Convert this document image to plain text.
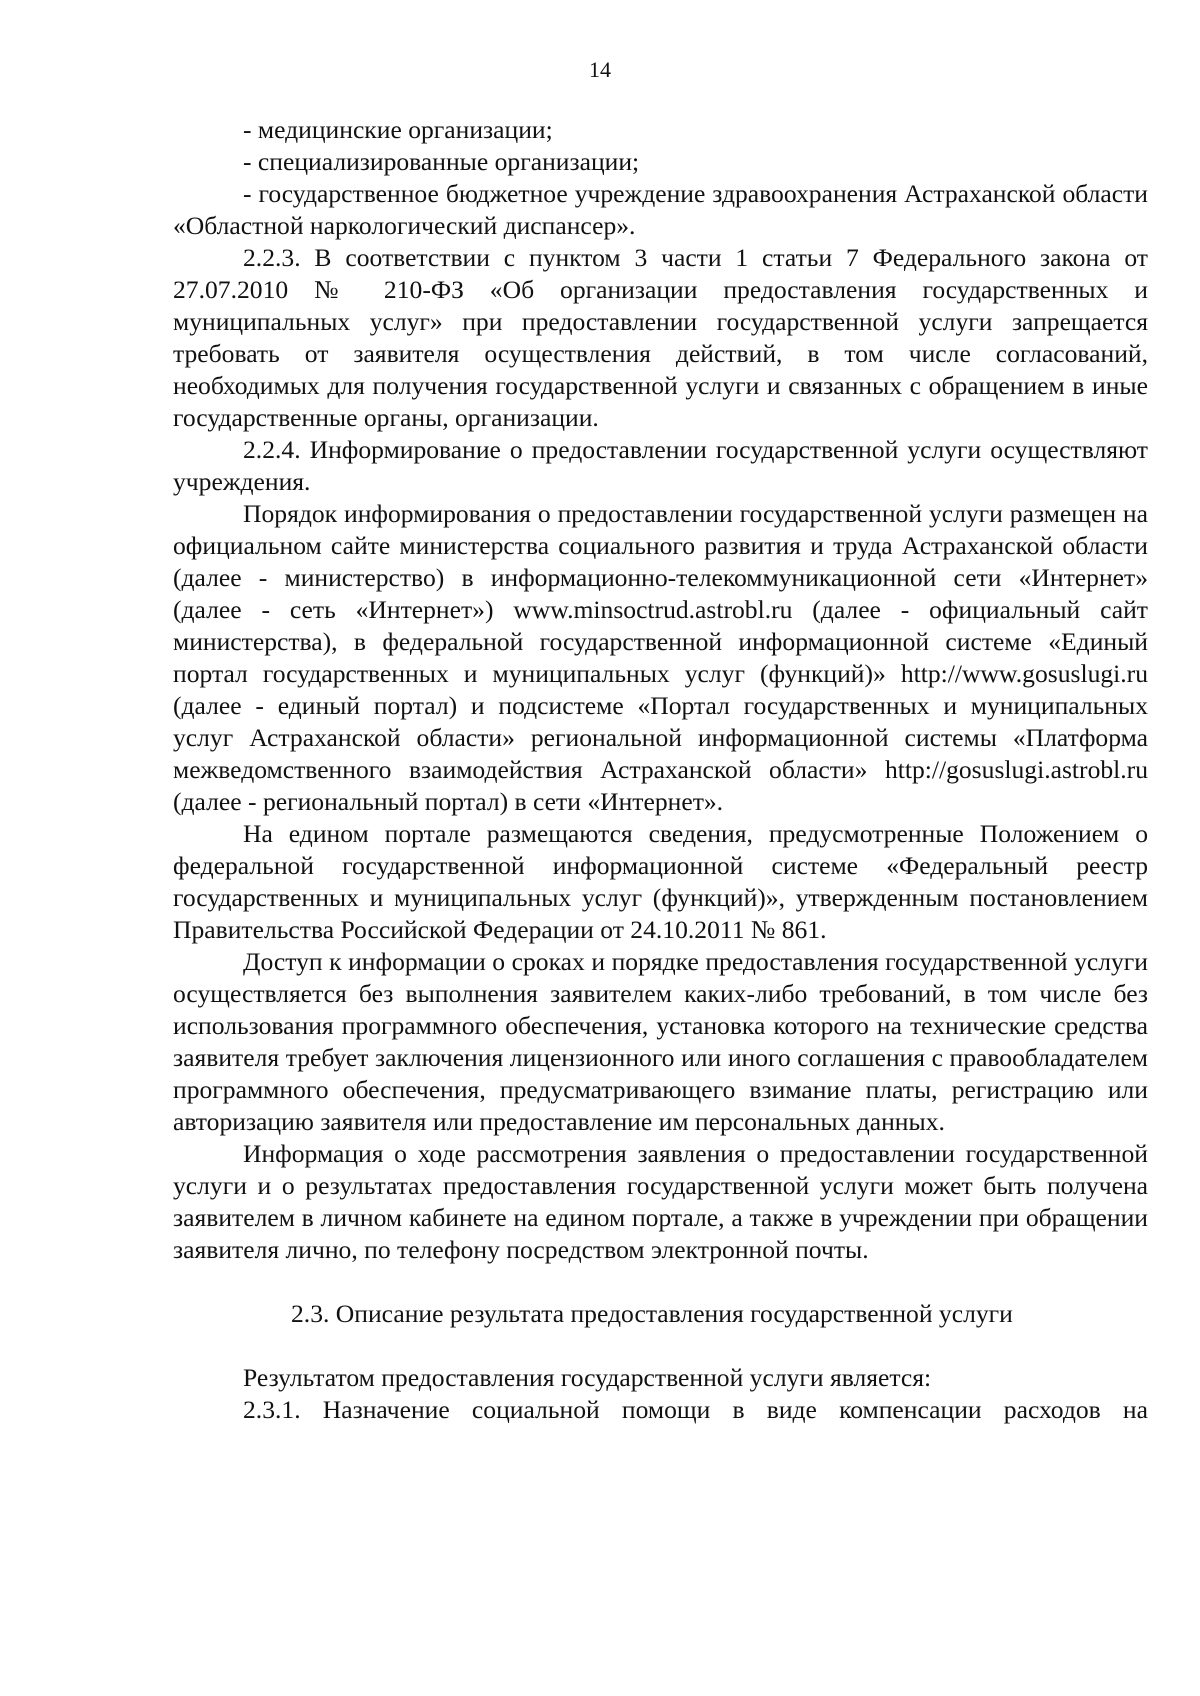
14

- медицинские организации;

- специализированные организации;

- государственное бюджетное учреждение здравоохранения Астраханской области «Областной наркологический диспансер».

2.2.3. В соответствии с пунктом 3 части 1 статьи 7 Федерального закона от 27.07.2010 № 210-ФЗ «Об организации предоставления государственных и муниципальных услуг» при предоставлении государственной услуги запрещается требовать от заявителя осуществления действий, в том числе согласований, необходимых для получения государственной услуги и связанных с обращением в иные государственные органы, организации.

2.2.4. Информирование о предоставлении государственной услуги осуществляют учреждения.

Порядок информирования о предоставлении государственной услуги размещен на официальном сайте министерства социального развития и труда Астраханской области (далее - министерство) в информационно-телекоммуникационной сети «Интернет» (далее - сеть «Интернет») www.minsoctrud.astrobl.ru (далее - официальный сайт министерства), в федеральной государственной информационной системе «Единый портал государственных и муниципальных услуг (функций)» http://www.gosuslugi.ru (далее - единый портал) и подсистеме «Портал государственных и муниципальных услуг Астраханской области» региональной информационной системы «Платформа межведомственного взаимодействия Астраханской области» http://gosuslugi.astrobl.ru (далее - региональный портал) в сети «Интернет».

На едином портале размещаются сведения, предусмотренные Положением о федеральной государственной информационной системе «Федеральный реестр государственных и муниципальных услуг (функций)», утвержденным постановлением Правительства Российской Федерации от 24.10.2011 № 861.

Доступ к информации о сроках и порядке предоставления государственной услуги осуществляется без выполнения заявителем каких-либо требований, в том числе без использования программного обеспечения, установка которого на технические средства заявителя требует заключения лицензионного или иного соглашения с правообладателем программного обеспечения, предусматривающего взимание платы, регистрацию или авторизацию заявителя или предоставление им персональных данных.

Информация о ходе рассмотрения заявления о предоставлении государственной услуги и о результатах предоставления государственной услуги может быть получена заявителем в личном кабинете на едином портале, а также в учреждении при обращении заявителя лично, по телефону посредством электронной почты.

2.3. Описание результата предоставления государственной услуги

Результатом предоставления государственной услуги является:

2.3.1. Назначение социальной помощи в виде компенсации расходов на
